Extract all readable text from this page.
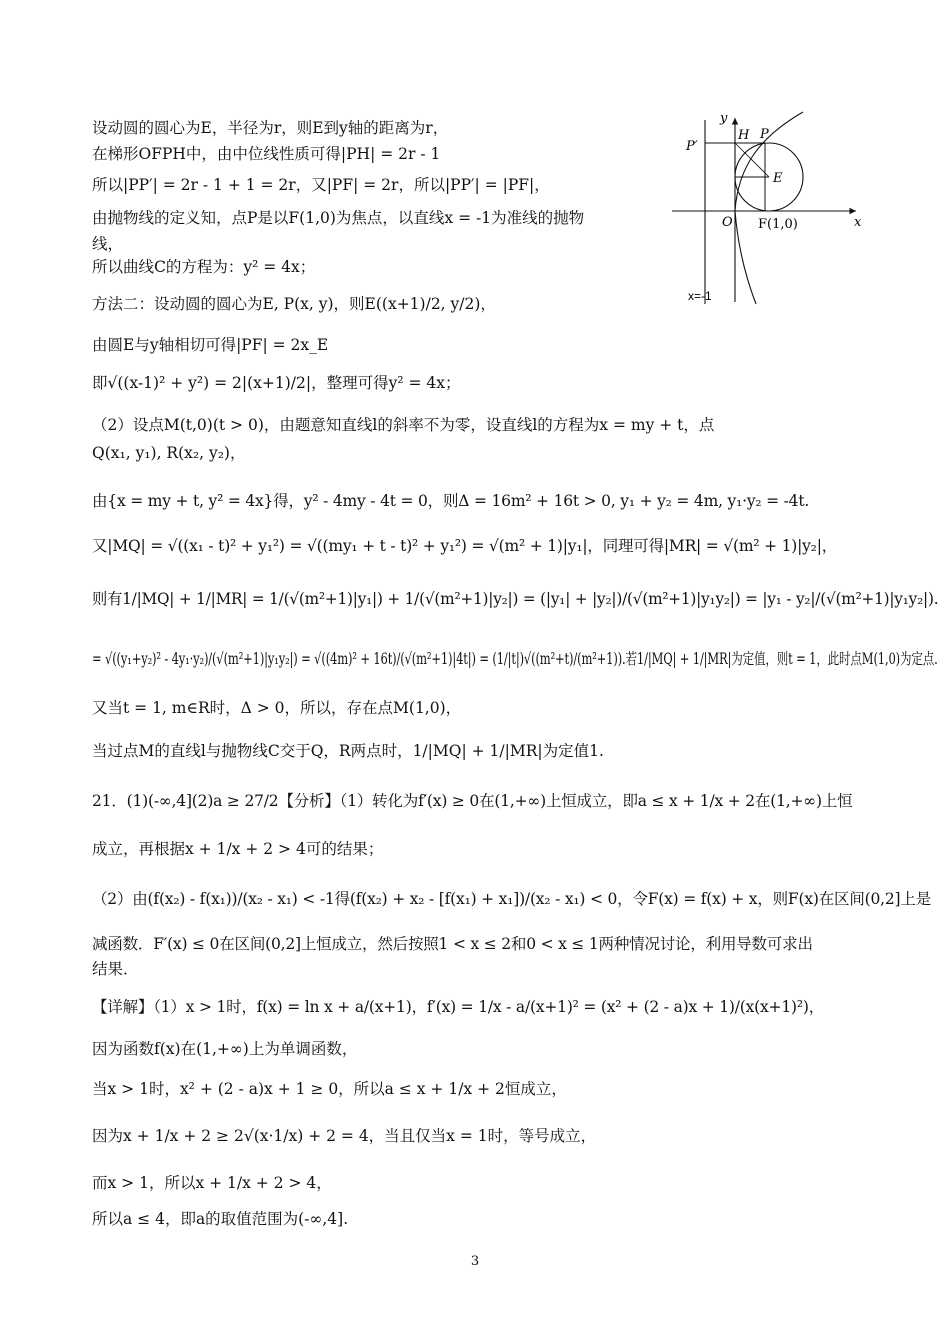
设动圆的圆心为E，半径为r，则E到y轴的距离为r，
在梯形OFPH中，由中位线性质可得|PH| = 2r - 1
所以|PP′| = 2r - 1 + 1 = 2r，又|PF| = 2r，所以|PP′| = |PF|，
由抛物线的定义知，点P是以F(1,0)为焦点，以直线x = -1为准线的抛物
线，
所以曲线C的方程为：y² = 4x；
方法二：设动圆的圆心为E, P(x, y)，则E((x+1)/2, y/2)，
由圆E与y轴相切可得|PF| = 2x_E
即√((x-1)² + y²) = 2|(x+1)/2|，整理可得y² = 4x；
（2）设点M(t,0)(t > 0)，由题意知直线l的斜率不为零，设直线l的方程为x = my + t，点
Q(x₁, y₁), R(x₂, y₂)，
由{x = my + t, y² = 4x}得，y² - 4my - 4t = 0，则Δ = 16m² + 16t > 0, y₁ + y₂ = 4m, y₁·y₂ = -4t.
又|MQ| = √((x₁ - t)² + y₁²) = √((my₁ + t - t)² + y₁²) = √(m² + 1)|y₁|，同理可得|MR| = √(m² + 1)|y₂|，
则有1/|MQ| + 1/|MR| = 1/(√(m²+1)|y₁|) + 1/(√(m²+1)|y₂|) = (|y₁| + |y₂|)/(√(m²+1)|y₁y₂|) = |y₁ - y₂|/(√(m²+1)|y₁y₂|).
= √((y₁+y₂)² - 4y₁·y₂)/(√(m²+1)|y₁y₂|) = √((4m)² + 16t)/(√(m²+1)|4t|) = (1/|t|)√((m²+t)/(m²+1)).若1/|MQ| + 1/|MR|为定值，则t = 1，此时点M(1,0)为定点.
又当t = 1, m∈R时，Δ > 0，所以，存在点M(1,0)，
当过点M的直线l与抛物线C交于Q，R两点时，1/|MQ| + 1/|MR|为定值1.
21．(1)(-∞,4](2)a ≥ 27/2【分析】（1）转化为f′(x) ≥ 0在(1,+∞)上恒成立，即a ≤ x + 1/x + 2在(1,+∞)上恒
成立，再根据x + 1/x + 2 > 4可的结果；
（2）由(f(x₂) - f(x₁))/(x₂ - x₁) < -1得(f(x₂) + x₂ - [f(x₁) + x₁])/(x₂ - x₁) < 0，令F(x) = f(x) + x，则F(x)在区间(0,2]上是
减函数．F′(x) ≤ 0在区间(0,2]上恒成立，然后按照1 < x ≤ 2和0 < x ≤ 1两种情况讨论，利用导数可求出
结果．
【详解】（1）x > 1时，f(x) = ln x + a/(x+1)，f′(x) = 1/x - a/(x+1)² = (x² + (2 - a)x + 1)/(x(x+1)²)，
因为函数f(x)在(1,+∞)上为单调函数，
当x > 1时，x² + (2 - a)x + 1 ≥ 0，所以a ≤ x + 1/x + 2恒成立，
因为x + 1/x + 2 ≥ 2√(x·1/x) + 2 = 4，当且仅当x = 1时，等号成立，
而x > 1，所以x + 1/x + 2 > 4，
所以a ≤ 4，即a的取值范围为(-∞,4].
y
x
H P
P′
E
O F(1,0)
x=-1
3
